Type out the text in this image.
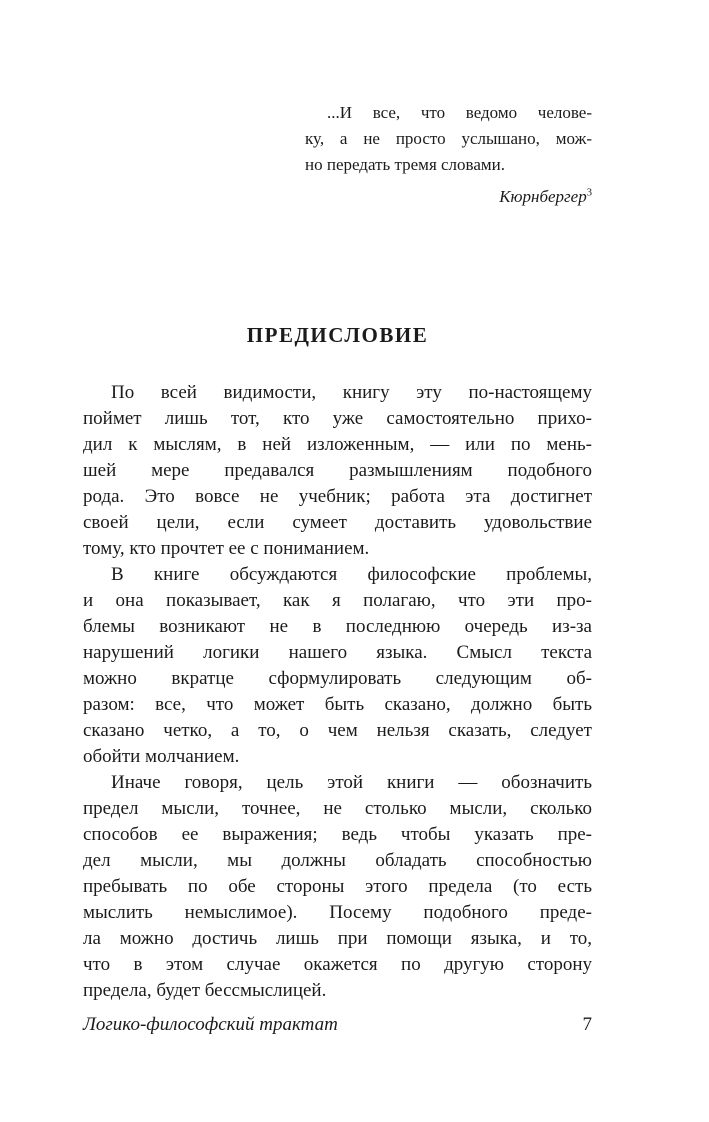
...И все, что ведомо челове-
ку, а не просто услышано, мож-
но передать тремя словами.
Кюрнбергер$^3$
ПРЕДИСЛОВИЕ
По всей видимости, книгу эту по-настоящему
поймет лишь тот, кто уже самостоятельно прихо-
дил к мыслям, в ней изложенным, — или по мень-
шей мере предавался размышлениям подобного
рода. Это вовсе не учебник; работа эта достигнет
своей цели, если сумеет доставить удовольствие
тому, кто прочтет ее с пониманием.
В книге обсуждаются философские проблемы,
и она показывает, как я полагаю, что эти про-
блемы возникают не в последнюю очередь из-за
нарушений логики нашего языка. Смысл текста
можно вкратце сформулировать следующим об-
разом: все, что может быть сказано, должно быть
сказано четко, а то, о чем нельзя сказать, следует
обойти молчанием.
Иначе говоря, цель этой книги — обозначить
предел мысли, точнее, не столько мысли, сколько
способов ее выражения; ведь чтобы указать пре-
дел мысли, мы должны обладать способностью
пребывать по обе стороны этого предела (то есть
мыслить немыслимое). Посему подобного преде-
ла можно достичь лишь при помощи языка, и то,
что в этом случае окажется по другую сторону
предела, будет бессмыслицей.
Логико-философский трактат	7
